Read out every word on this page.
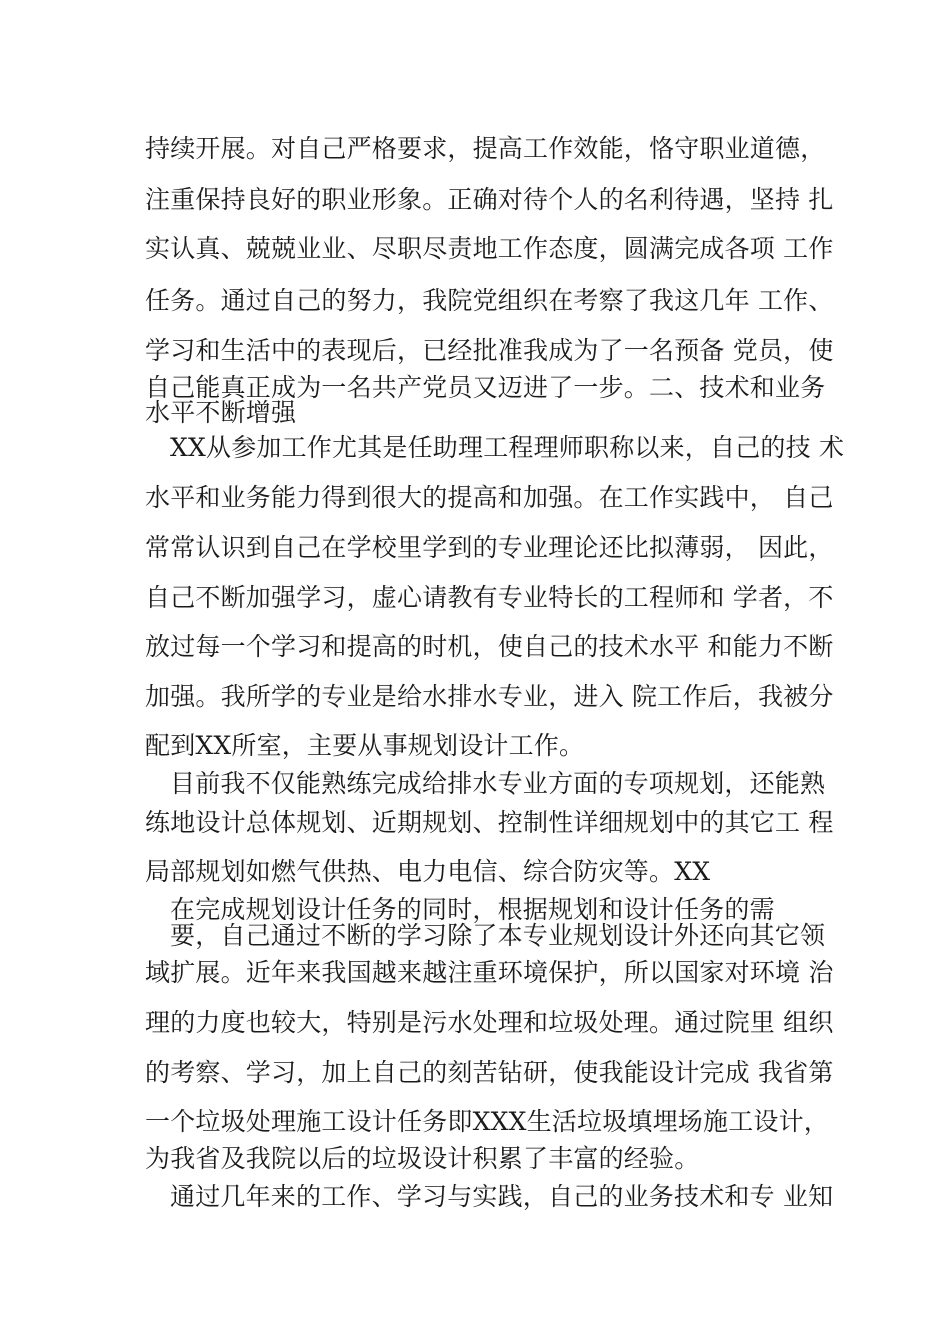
持续开展。对自己严格要求，提高工作效能，恪守职业道德，
注重保持良好的职业形象。正确对待个人的名利待遇，坚持 扎
实认真、兢兢业业、尽职尽责地工作态度，圆满完成各项 工作
任务。通过自己的努力，我院党组织在考察了我这几年 工作、
学习和生活中的表现后，已经批准我成为了一名预备 党员，使
自己能真正成为一名共产党员又迈进了一步。二、技术和业务
水平不断增强
XX从参加工作尤其是任助理工程理师职称以来，自己的技 术
水平和业务能力得到很大的提高和加强。在工作实践中， 自己
常常认识到自己在学校里学到的专业理论还比拟薄弱， 因此，
自己不断加强学习，虚心请教有专业特长的工程师和 学者，不
放过每一个学习和提高的时机，使自己的技术水平 和能力不断
加强。我所学的专业是给水排水专业，进入 院工作后，我被分
配到XX所室，主要从事规划设计工作。
目前我不仅能熟练完成给排水专业方面的专项规划，还能熟
练地设计总体规划、近期规划、控制性详细规划中的其它工 程
局部规划如燃气供热、电力电信、综合防灾等。XX
在完成规划设计任务的同时，根据规划和设计任务的需
要，自己通过不断的学习除了本专业规划设计外还向其它领
域扩展。近年来我国越来越注重环境保护，所以国家对环境 治
理的力度也较大，特别是污水处理和垃圾处理。通过院里 组织
的考察、学习，加上自己的刻苦钻研，使我能设计完成 我省第
一个垃圾处理施工设计任务即XXX生活垃圾填埋场施工设计，
为我省及我院以后的垃圾设计积累了丰富的经验。
通过几年来的工作、学习与实践，自己的业务技术和专 业知
